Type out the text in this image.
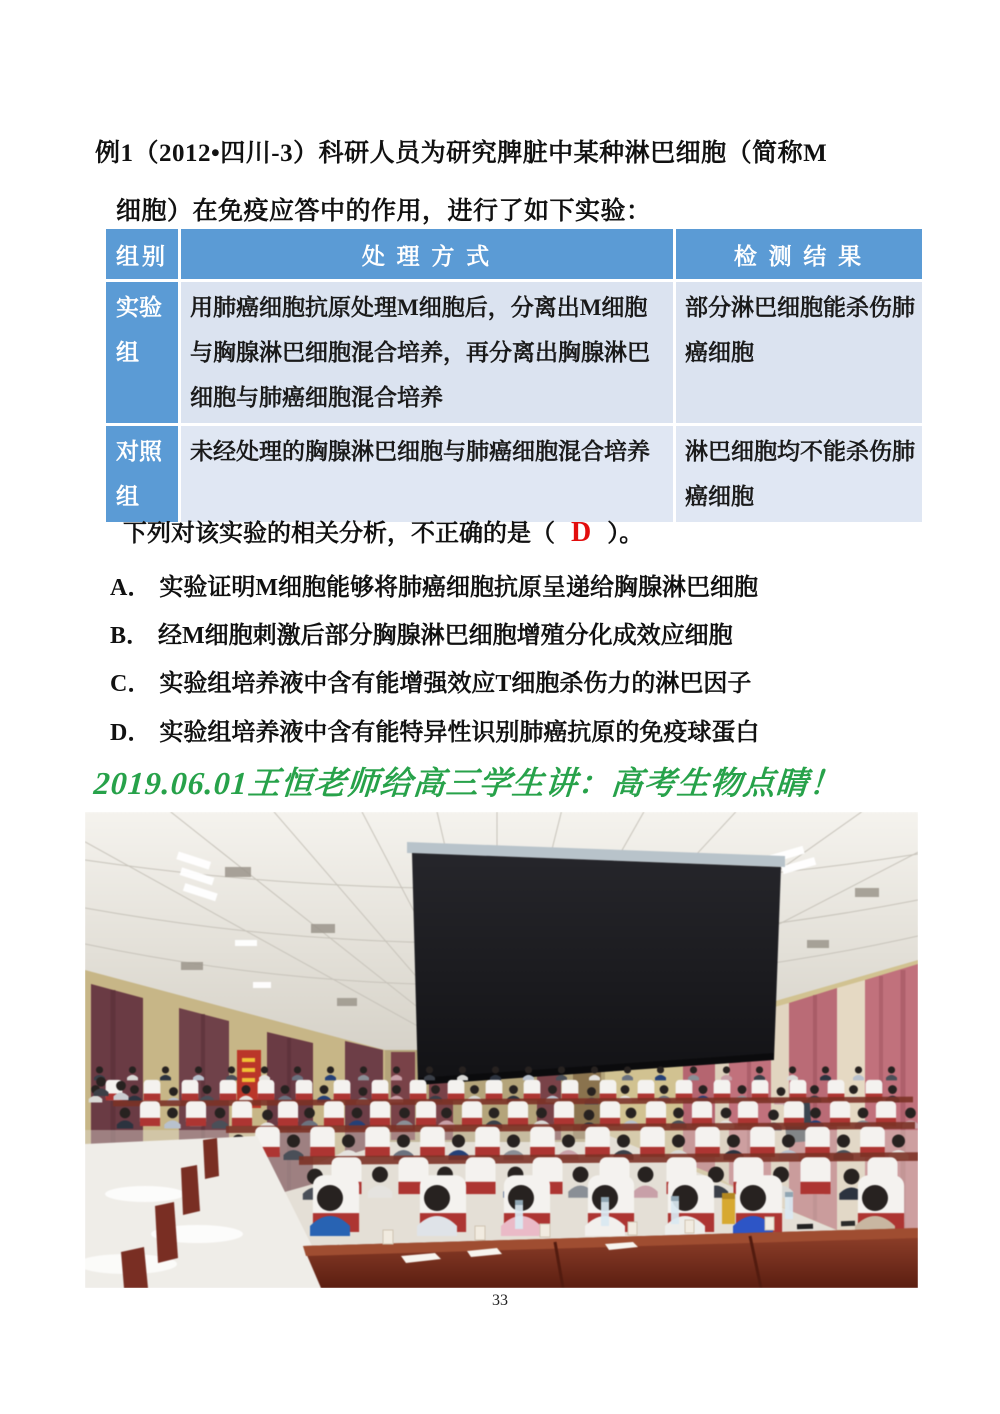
例1（2012•四川-3）科研人员为研究脾脏中某种淋巴细胞（简称M
细胞）在免疫应答中的作用，进行了如下实验：
组别	处 理 方 式	检 测 结 果
实验组	用肺癌细胞抗原处理M细胞后，分离出M细胞与胸腺淋巴细胞混合培养，再分离出胸腺淋巴细胞与肺癌细胞混合培养	部分淋巴细胞能杀伤肺癌细胞
对照组	未经处理的胸腺淋巴细胞与肺癌细胞混合培养	淋巴细胞均不能杀伤肺癌细胞
下列对该实验的相关分析，不正确的是（ D ）。
A． 实验证明M细胞能够将肺癌细胞抗原呈递给胸腺淋巴细胞
B． 经M细胞刺激后部分胸腺淋巴细胞增殖分化成效应细胞
C． 实验组培养液中含有能增强效应T细胞杀伤力的淋巴因子
D． 实验组培养液中含有能特异性识别肺癌抗原的免疫球蛋白
2019.06.01王恒老师给高三学生讲：高考生物点睛！
33
